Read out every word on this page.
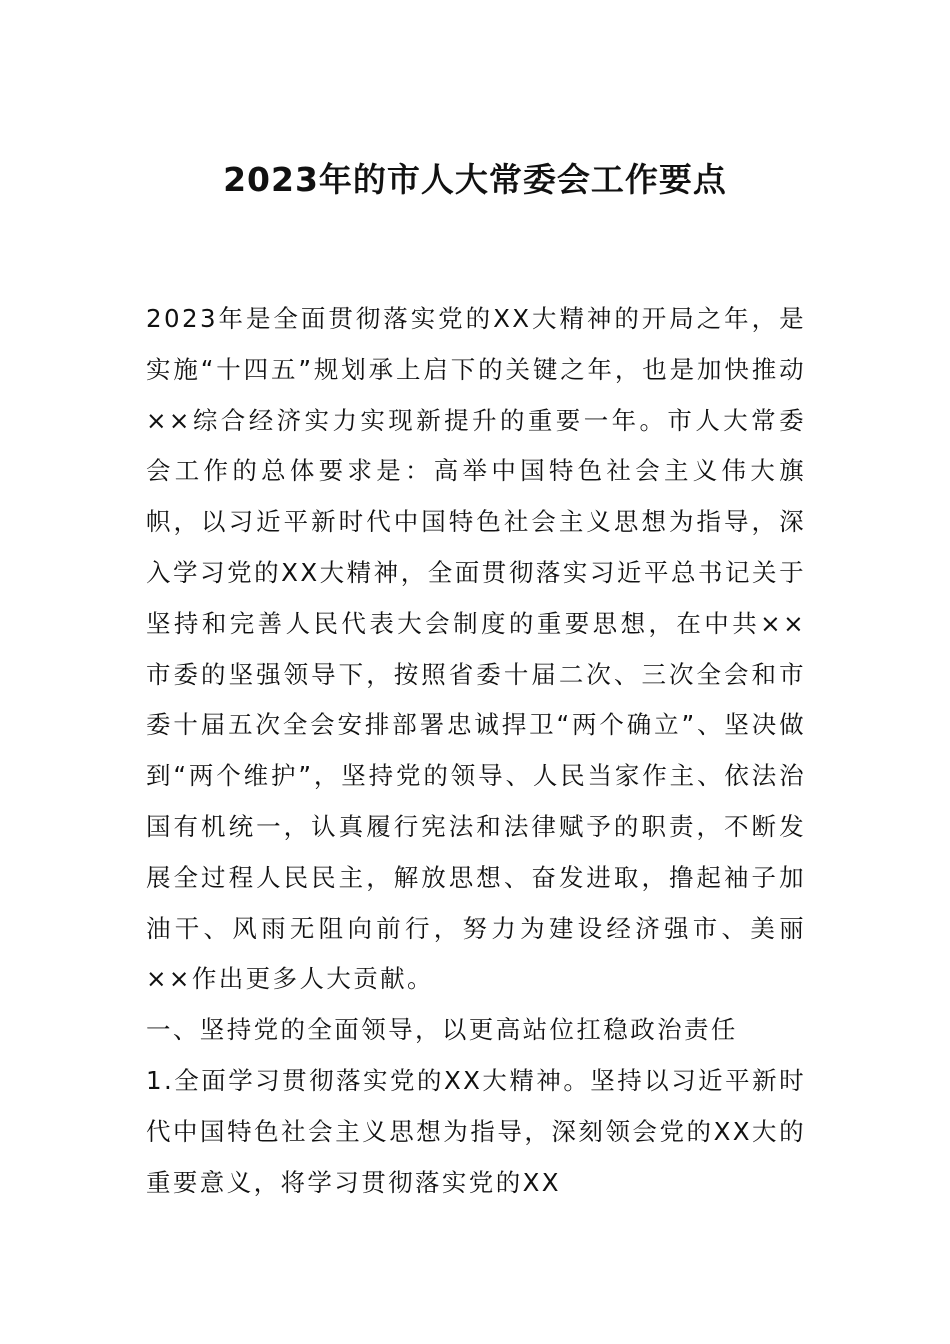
2023年的市人大常委会工作要点

2023年是全面贯彻落实党的XX大精神的开局之年，是实施“十四五”规划承上启下的关键之年，也是加快推动××综合经济实力实现新提升的重要一年。市人大常委会工作的总体要求是：高举中国特色社会主义伟大旗帜，以习近平新时代中国特色社会主义思想为指导，深入学习党的XX大精神，全面贯彻落实习近平总书记关于坚持和完善人民代表大会制度的重要思想，在中共××市委的坚强领导下，按照省委十届二次、三次全会和市委十届五次全会安排部署忠诚捍卫“两个确立”、坚决做到“两个维护”，坚持党的领导、人民当家作主、依法治国有机统一，认真履行宪法和法律赋予的职责，不断发展全过程人民民主，解放思想、奋发进取，撸起袖子加油干、风雨无阻向前行，努力为建设经济强市、美丽××作出更多人大贡献。

一、坚持党的全面领导，以更高站位扛稳政治责任

1.全面学习贯彻落实党的XX大精神。坚持以习近平新时代中国特色社会主义思想为指导，深刻领会党的XX大的重要意义，将学习贯彻落实党的XX
